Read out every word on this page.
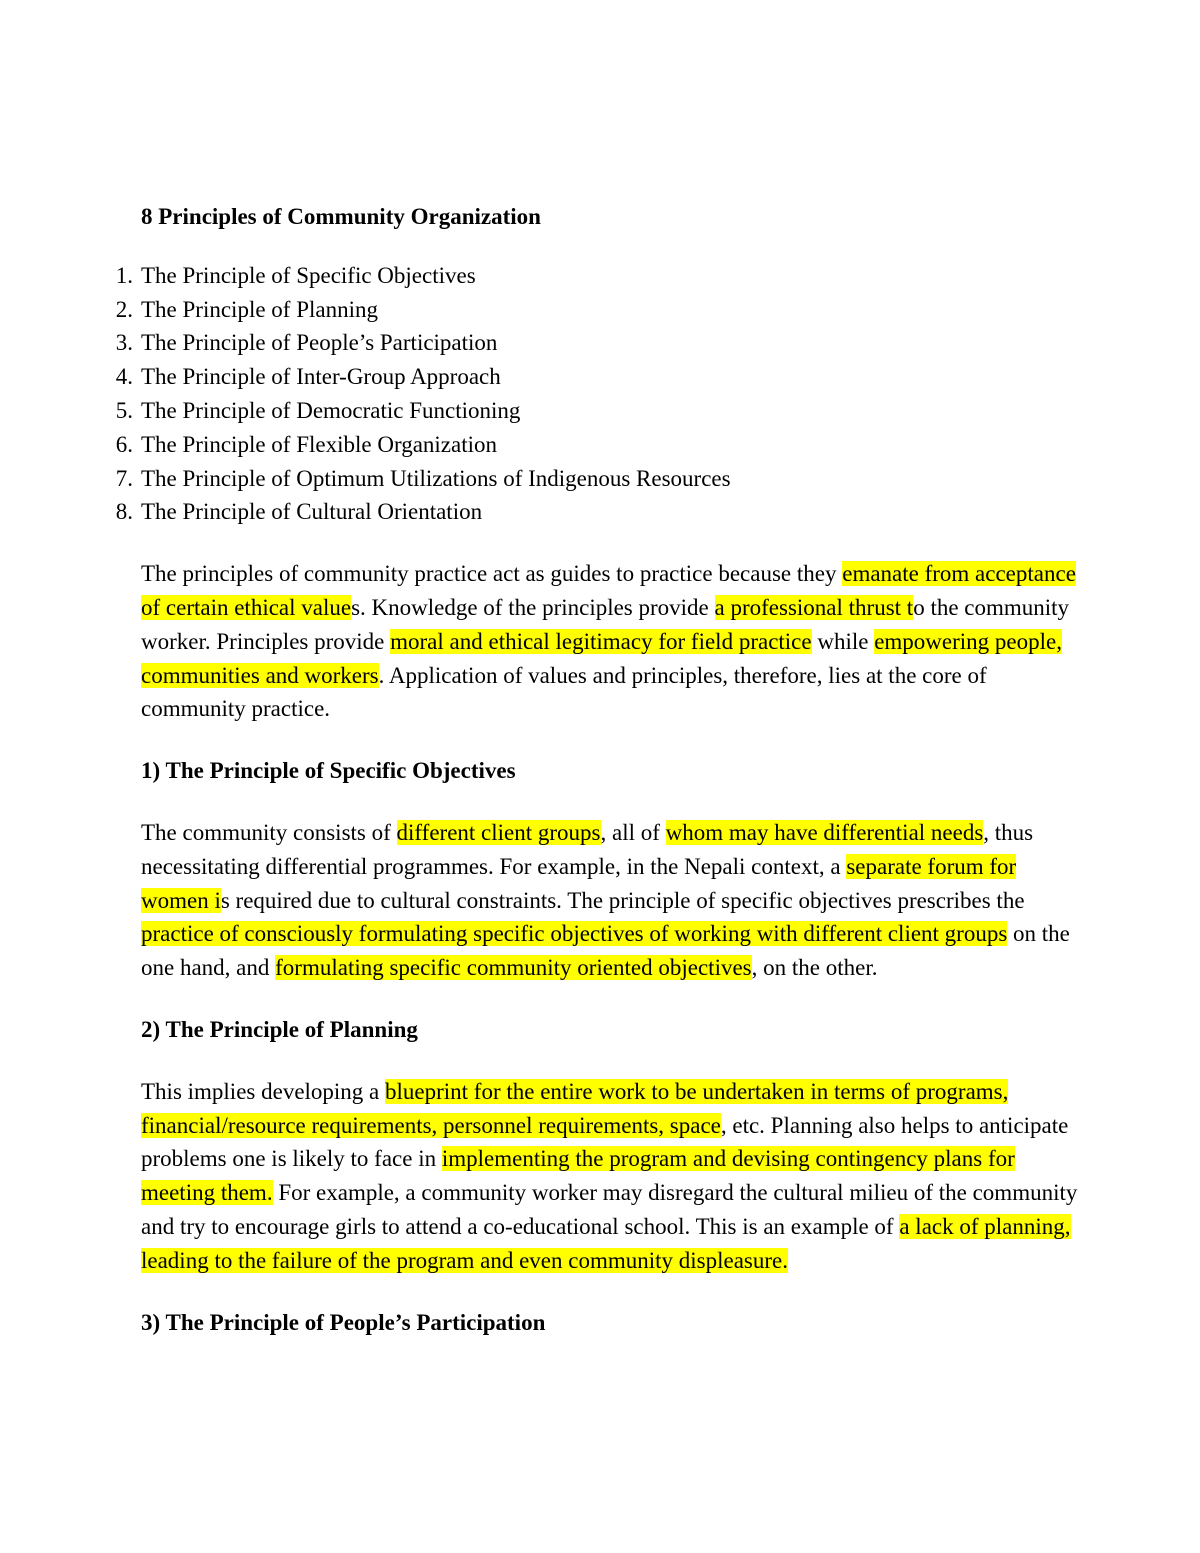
8 Principles of Community Organization

1. The Principle of Specific Objectives
2. The Principle of Planning
3. The Principle of People’s Participation
4. The Principle of Inter-Group Approach
5. The Principle of Democratic Functioning
6. The Principle of Flexible Organization
7. The Principle of Optimum Utilizations of Indigenous Resources
8. The Principle of Cultural Orientation

The principles of community practice act as guides to practice because they emanate from acceptance of certain ethical values. Knowledge of the principles provide a professional thrust to the community worker. Principles provide moral and ethical legitimacy for field practice while empowering people, communities and workers. Application of values and principles, therefore, lies at the core of community practice.

1) The Principle of Specific Objectives

The community consists of different client groups, all of whom may have differential needs, thus necessitating differential programmes. For example, in the Nepali context, a separate forum for women is required due to cultural constraints. The principle of specific objectives prescribes the practice of consciously formulating specific objectives of working with different client groups on the one hand, and formulating specific community oriented objectives, on the other.

2) The Principle of Planning

This implies developing a blueprint for the entire work to be undertaken in terms of programs, financial/resource requirements, personnel requirements, space, etc. Planning also helps to anticipate problems one is likely to face in implementing the program and devising contingency plans for meeting them. For example, a community worker may disregard the cultural milieu of the community and try to encourage girls to attend a co-educational school. This is an example of a lack of planning, leading to the failure of the program and even community displeasure.

3) The Principle of People’s Participation
